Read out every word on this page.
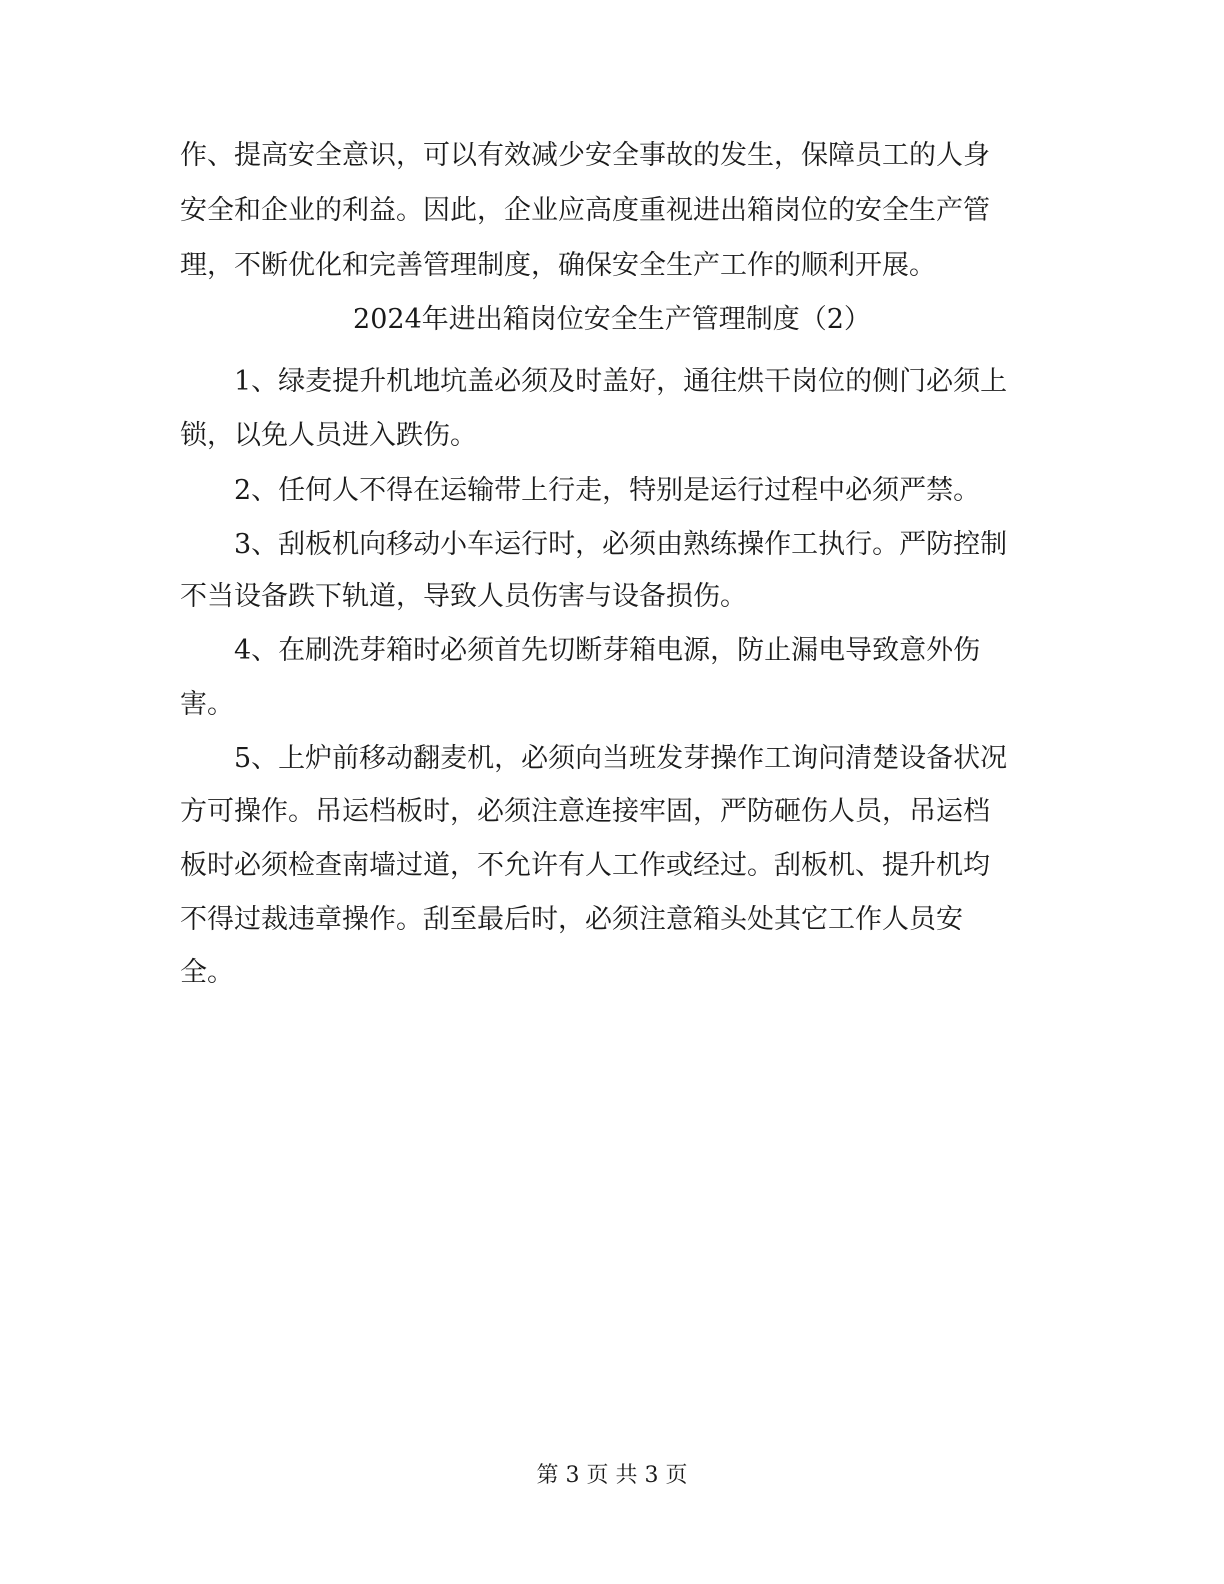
作、提高安全意识，可以有效减少安全事故的发生，保障员工的人身
安全和企业的利益。因此，企业应高度重视进出箱岗位的安全生产管
理，不断优化和完善管理制度，确保安全生产工作的顺利开展。
2024年进出箱岗位安全生产管理制度（2）
1、绿麦提升机地坑盖必须及时盖好，通往烘干岗位的侧门必须上
锁，以免人员进入跌伤。
2、任何人不得在运输带上行走，特别是运行过程中必须严禁。
3、刮板机向移动小车运行时，必须由熟练操作工执行。严防控制
不当设备跌下轨道，导致人员伤害与设备损伤。
4、在刷洗芽箱时必须首先切断芽箱电源，防止漏电导致意外伤
害。
5、上炉前移动翻麦机，必须向当班发芽操作工询问清楚设备状况
方可操作。吊运档板时，必须注意连接牢固，严防砸伤人员，吊运档
板时必须检查南墙过道，不允许有人工作或经过。刮板机、提升机均
不得过裁违章操作。刮至最后时，必须注意箱头处其它工作人员安
全。
第 3 页 共 3 页
